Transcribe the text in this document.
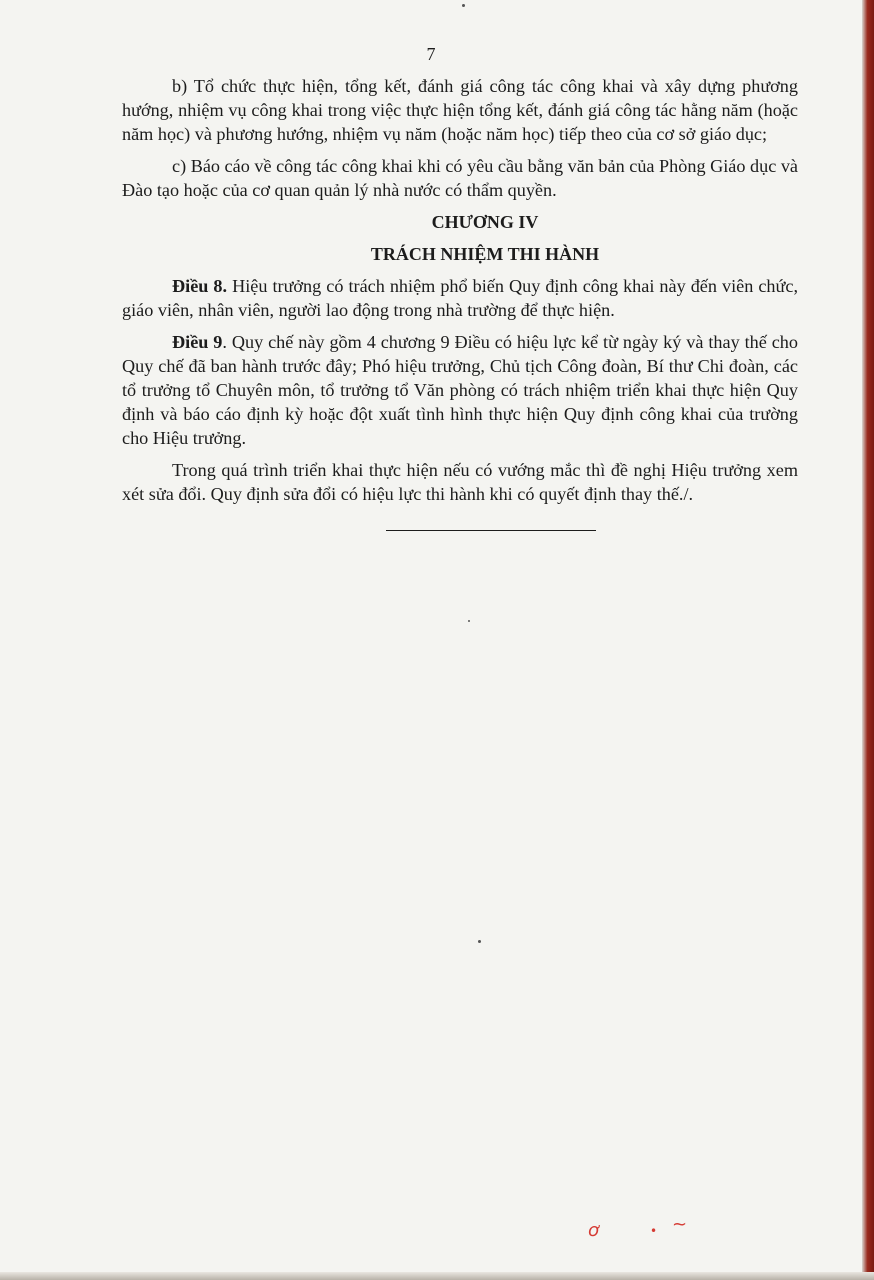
7

b) Tổ chức thực hiện, tổng kết, đánh giá công tác công khai và xây dựng phương hướng, nhiệm vụ công khai trong việc thực hiện tổng kết, đánh giá công tác hằng năm (hoặc năm học) và phương hướng, nhiệm vụ năm (hoặc năm học) tiếp theo của cơ sở giáo dục;

c) Báo cáo về công tác công khai khi có yêu cầu bằng văn bản của Phòng Giáo dục và Đào tạo hoặc của cơ quan quản lý nhà nước có thẩm quyền.

CHƯƠNG IV

TRÁCH NHIỆM THI HÀNH

Điều 8. Hiệu trưởng có trách nhiệm phổ biến Quy định công khai này đến viên chức, giáo viên, nhân viên, người lao động trong nhà trường để thực hiện.

Điều 9. Quy chế này gồm 4 chương 9 Điều có hiệu lực kể từ ngày ký và thay thế cho Quy chế đã ban hành trước đây; Phó hiệu trưởng, Chủ tịch Công đoàn, Bí thư Chi đoàn, các tổ trưởng tổ Chuyên môn, tổ trưởng tổ Văn phòng có trách nhiệm triển khai thực hiện Quy định và báo cáo định kỳ hoặc đột xuất tình hình thực hiện Quy định công khai của trường cho Hiệu trưởng.

Trong quá trình triển khai thực hiện nếu có vướng mắc thì đề nghị Hiệu trưởng xem xét sửa đổi. Quy định sửa đổi có hiệu lực thi hành khi có quyết định thay thế./.

ơ	• ~
